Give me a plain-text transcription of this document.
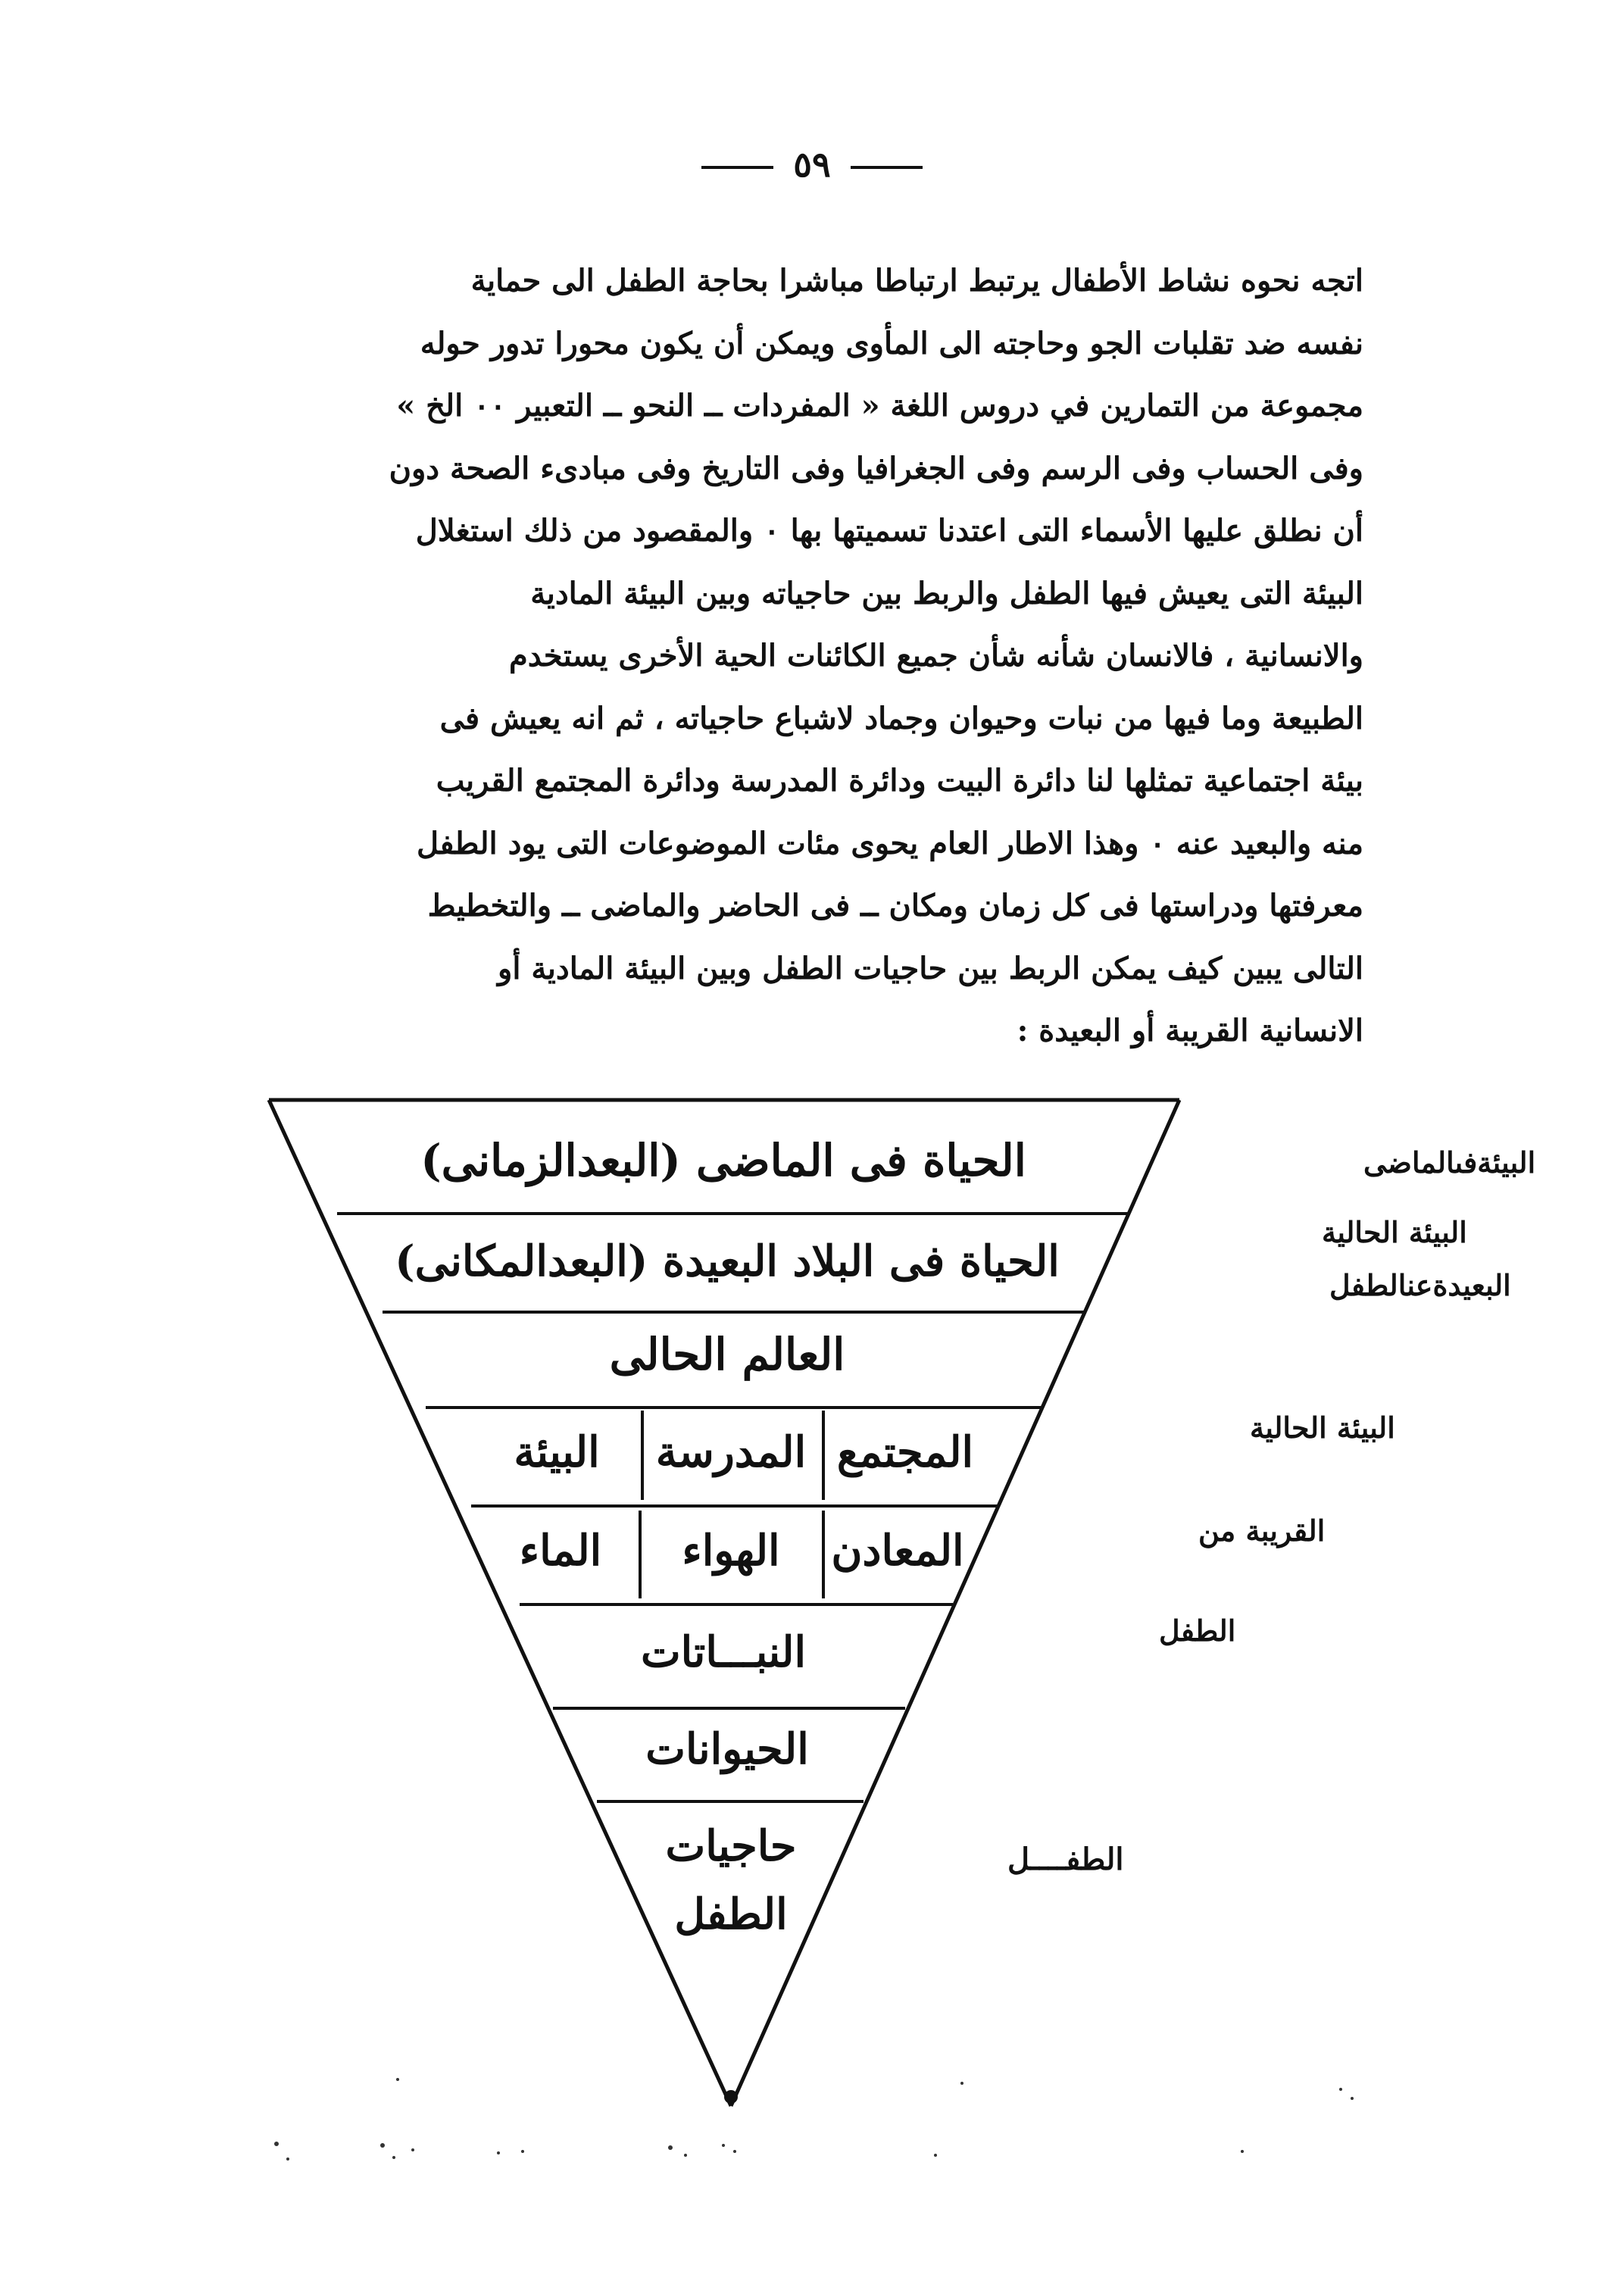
٥٩
اتجه نحوه نشاط الأطفال يرتبط ارتباطا مباشرا بحاجة الطفل الى حماية
نفسه ضد تقلبات الجو وحاجته الى المأوى ويمكن أن يكون محورا تدور حوله
مجموعة من التمارين في دروس اللغة « المفردات ــ النحو ــ التعبير ٠٠ الخ »
وفى الحساب وفى الرسم وفى الجغرافيا وفى التاريخ وفى مبادىء الصحة دون
أن نطلق عليها الأسماء التى اعتدنا تسميتها بها ٠ والمقصود من ذلك استغلال
البيئة التى يعيش فيها الطفل والربط بين حاجياته وبين البيئة المادية
والانسانية ، فالانسان شأنه شأن جميع الكائنات الحية الأخرى يستخدم
الطبيعة وما فيها من نبات وحيوان وجماد لاشباع حاجياته ، ثم انه يعيش فى
بيئة اجتماعية تمثلها لنا دائرة البيت ودائرة المدرسة ودائرة المجتمع القريب
منه والبعيد عنه ٠ وهذا الاطار العام يحوى مئات الموضوعات التى يود الطفل
معرفتها ودراستها فى كل زمان ومكان ــ فى الحاضر والماضى ــ والتخطيط
التالى يبين كيف يمكن الربط بين حاجيات الطفل وبين البيئة المادية أو
الانسانية القريبة أو البعيدة :
الحياة فى الماضى (البعدالزمانى)
الحياة فى البلاد البعيدة (البعدالمكانى)
العالم الحالى
المجتمع
المدرسة
البيئة
المعادن
الهواء
الماء
النبـــاتات
الحيوانات
حاجيات
الطفل
البيئةفىالماضى
البيئة الحالية
البعيدةعنالطفل
البيئة الحالية
القريبة من
الطفل
الطفــــل
